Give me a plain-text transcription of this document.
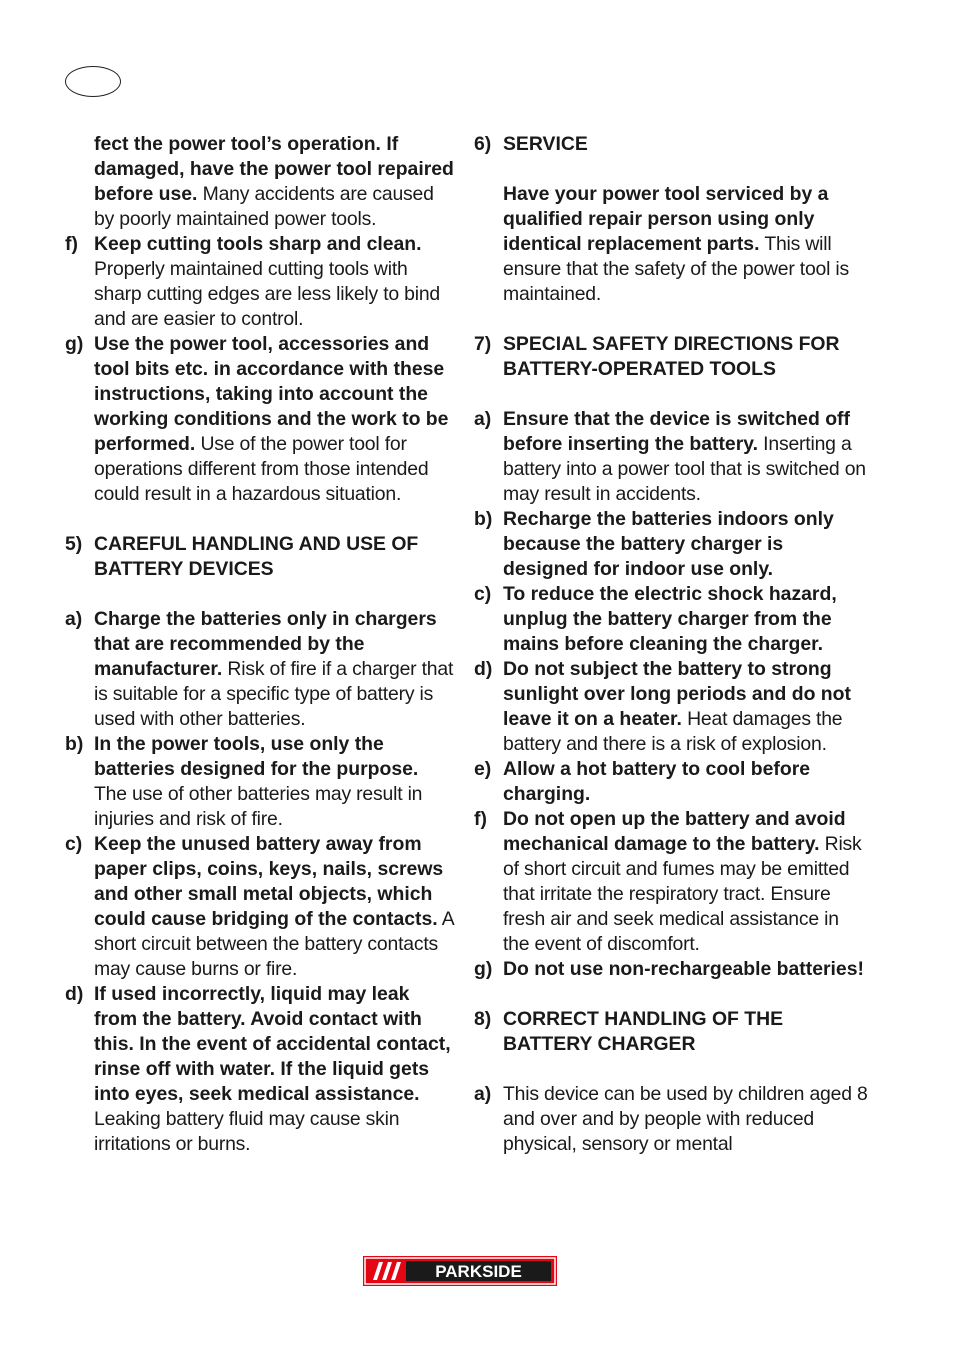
fect the power tool’s operation. If damaged, have the power tool repaired before use. Many accidents are caused by poorly maintained power tools.
f) Keep cutting tools sharp and clean. Properly maintained cutting tools with sharp cutting edges are less likely to bind and are easier to control.
g) Use the power tool, accessories and tool bits etc. in accordance with these instructions, taking into account the working conditions and the work to be performed. Use of the power tool for operations different from those intended could result in a hazardous situation.
5) CAREFUL HANDLING AND USE OF BATTERY DEVICES
a) Charge the batteries only in chargers that are recommended by the manufacturer. Risk of fire if a charger that is suitable for a specific type of battery is used with other batteries.
b) In the power tools, use only the batteries designed for the purpose. The use of other batteries may result in injuries and risk of fire.
c) Keep the unused battery away from paper clips, coins, keys, nails, screws and other small metal objects, which could cause bridging of the contacts. A short circuit between the battery contacts may cause burns or fire.
d) If used incorrectly, liquid may leak from the battery. Avoid contact with this. In the event of accidental contact, rinse off with water. If the liquid gets into eyes, seek medical assistance. Leaking battery fluid may cause skin irritations or burns.
6) SERVICE
Have your power tool serviced by a qualified repair person using only identical replacement parts. This will ensure that the safety of the power tool is maintained.
7) SPECIAL SAFETY DIRECTIONS FOR BATTERY-OPERATED TOOLS
a) Ensure that the device is switched off before inserting the battery. Inserting a battery into a power tool that is switched on may result in accidents.
b) Recharge the batteries indoors only because the battery charger is designed for indoor use only.
c) To reduce the electric shock hazard, unplug the battery charger from the mains before cleaning the charger.
d) Do not subject the battery to strong sunlight over long periods and do not leave it on a heater. Heat damages the battery and there is a risk of explosion.
e) Allow a hot battery to cool before charging.
f) Do not open up the battery and avoid mechanical damage to the battery. Risk of short circuit and fumes may be emitted that irritate the respiratory tract. Ensure fresh air and seek medical assistance in the event of discomfort.
g) Do not use non-rechargeable batteries!
8) CORRECT HANDLING OF THE BATTERY CHARGER
a) This device can be used by children aged 8 and over and by people with reduced physical, sensory or mental
PARKSIDE
